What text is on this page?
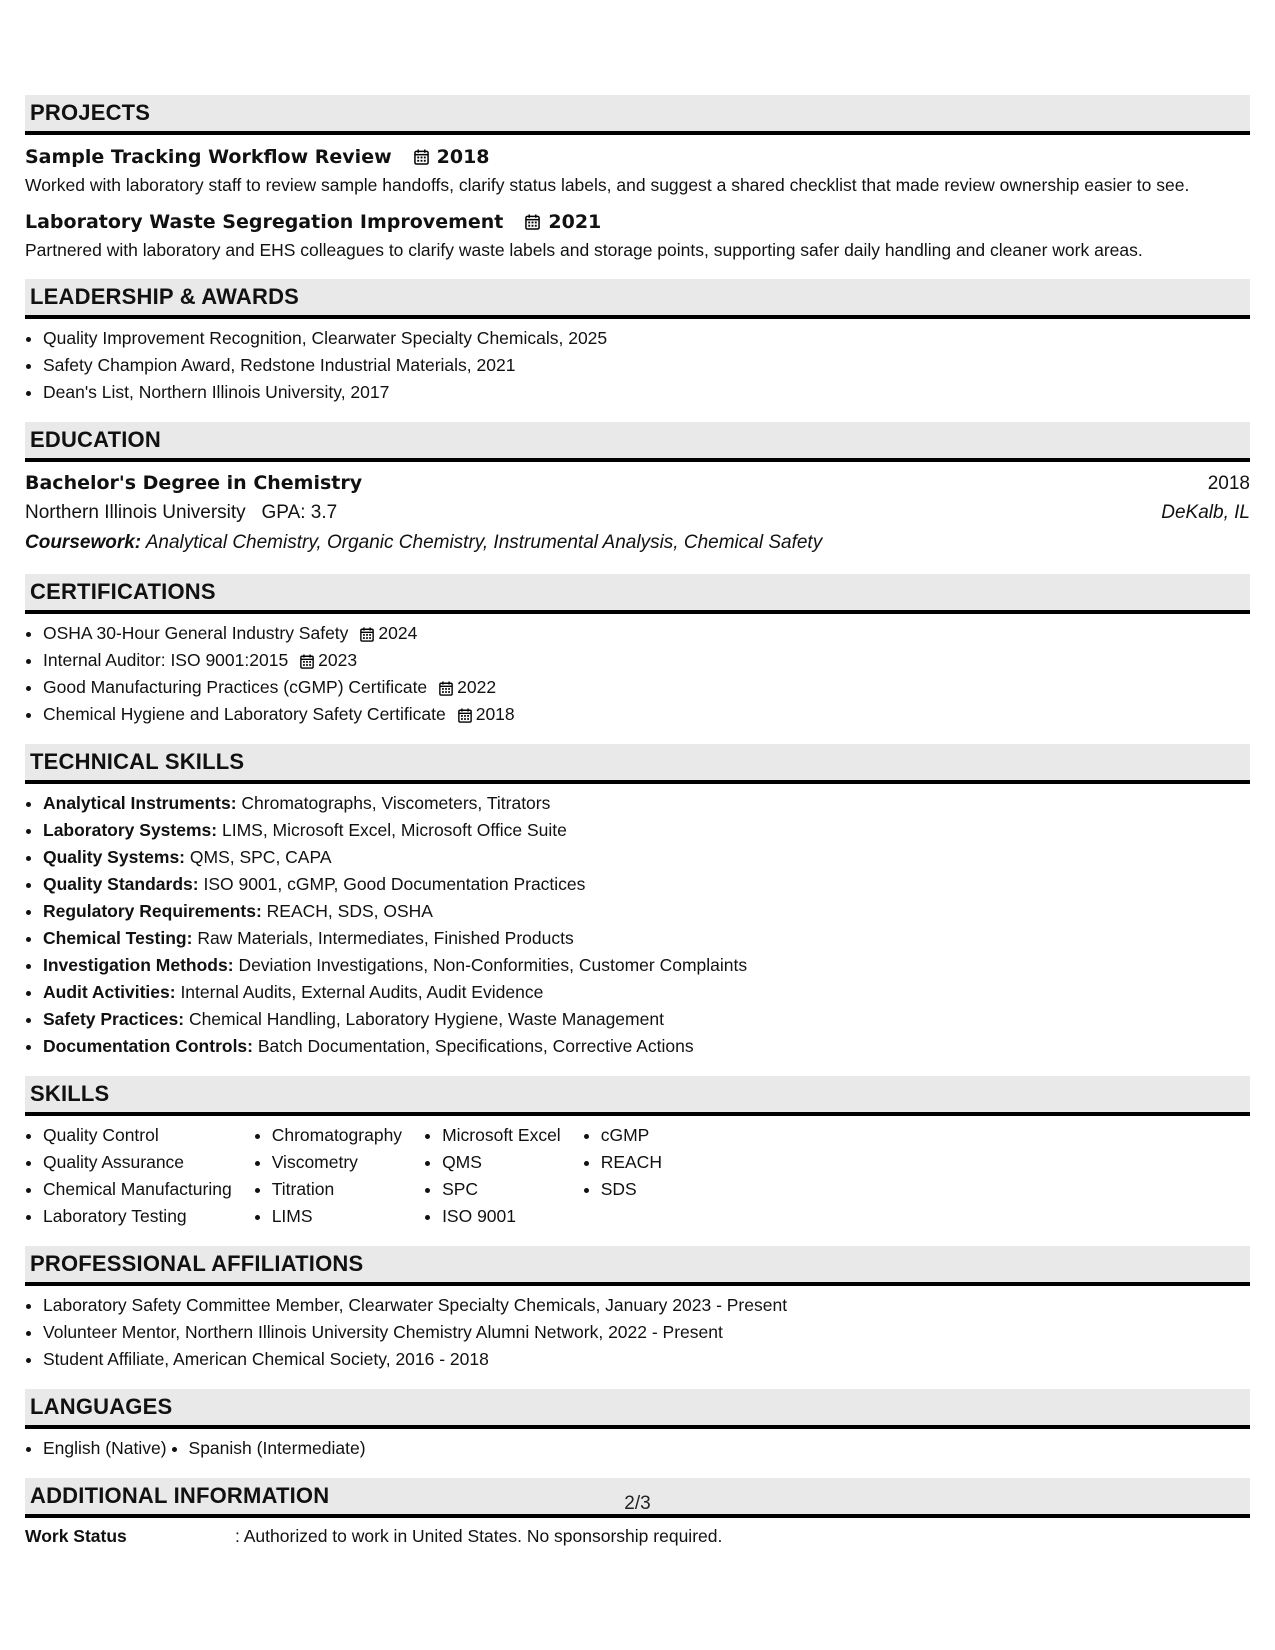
PROJECTS
Sample Tracking Workflow Review 2018
Worked with laboratory staff to review sample handoffs, clarify status labels, and suggest a shared checklist that made review ownership easier to see.
Laboratory Waste Segregation Improvement 2021
Partnered with laboratory and EHS colleagues to clarify waste labels and storage points, supporting safer daily handling and cleaner work areas.
LEADERSHIP & AWARDS
• Quality Improvement Recognition, Clearwater Specialty Chemicals, 2025
• Safety Champion Award, Redstone Industrial Materials, 2021
• Dean's List, Northern Illinois University, 2017
EDUCATION
Bachelor's Degree in Chemistry	2018
Northern Illinois University GPA: 3.7	DeKalb, IL
Coursework: Analytical Chemistry, Organic Chemistry, Instrumental Analysis, Chemical Safety
CERTIFICATIONS
• OSHA 30-Hour General Industry Safety 2024
• Internal Auditor: ISO 9001:2015 2023
• Good Manufacturing Practices (cGMP) Certificate 2022
• Chemical Hygiene and Laboratory Safety Certificate 2018
TECHNICAL SKILLS
• Analytical Instruments: Chromatographs, Viscometers, Titrators
• Laboratory Systems: LIMS, Microsoft Excel, Microsoft Office Suite
• Quality Systems: QMS, SPC, CAPA
• Quality Standards: ISO 9001, cGMP, Good Documentation Practices
• Regulatory Requirements: REACH, SDS, OSHA
• Chemical Testing: Raw Materials, Intermediates, Finished Products
• Investigation Methods: Deviation Investigations, Non-Conformities, Customer Complaints
• Audit Activities: Internal Audits, External Audits, Audit Evidence
• Safety Practices: Chemical Handling, Laboratory Hygiene, Waste Management
• Documentation Controls: Batch Documentation, Specifications, Corrective Actions
SKILLS
• Quality Control
• Quality Assurance
• Chemical Manufacturing
• Laboratory Testing
• Chromatography
• Viscometry
• Titration
• LIMS
• Microsoft Excel
• QMS
• SPC
• ISO 9001
• cGMP
• REACH
• SDS
PROFESSIONAL AFFILIATIONS
• Laboratory Safety Committee Member, Clearwater Specialty Chemicals, January 2023 - Present
• Volunteer Mentor, Northern Illinois University Chemistry Alumni Network, 2022 - Present
• Student Affiliate, American Chemical Society, 2016 - 2018
LANGUAGES
• English (Native)
• Spanish (Intermediate)
ADDITIONAL INFORMATION
Work Status	: Authorized to work in United States. No sponsorship required.
2/3
